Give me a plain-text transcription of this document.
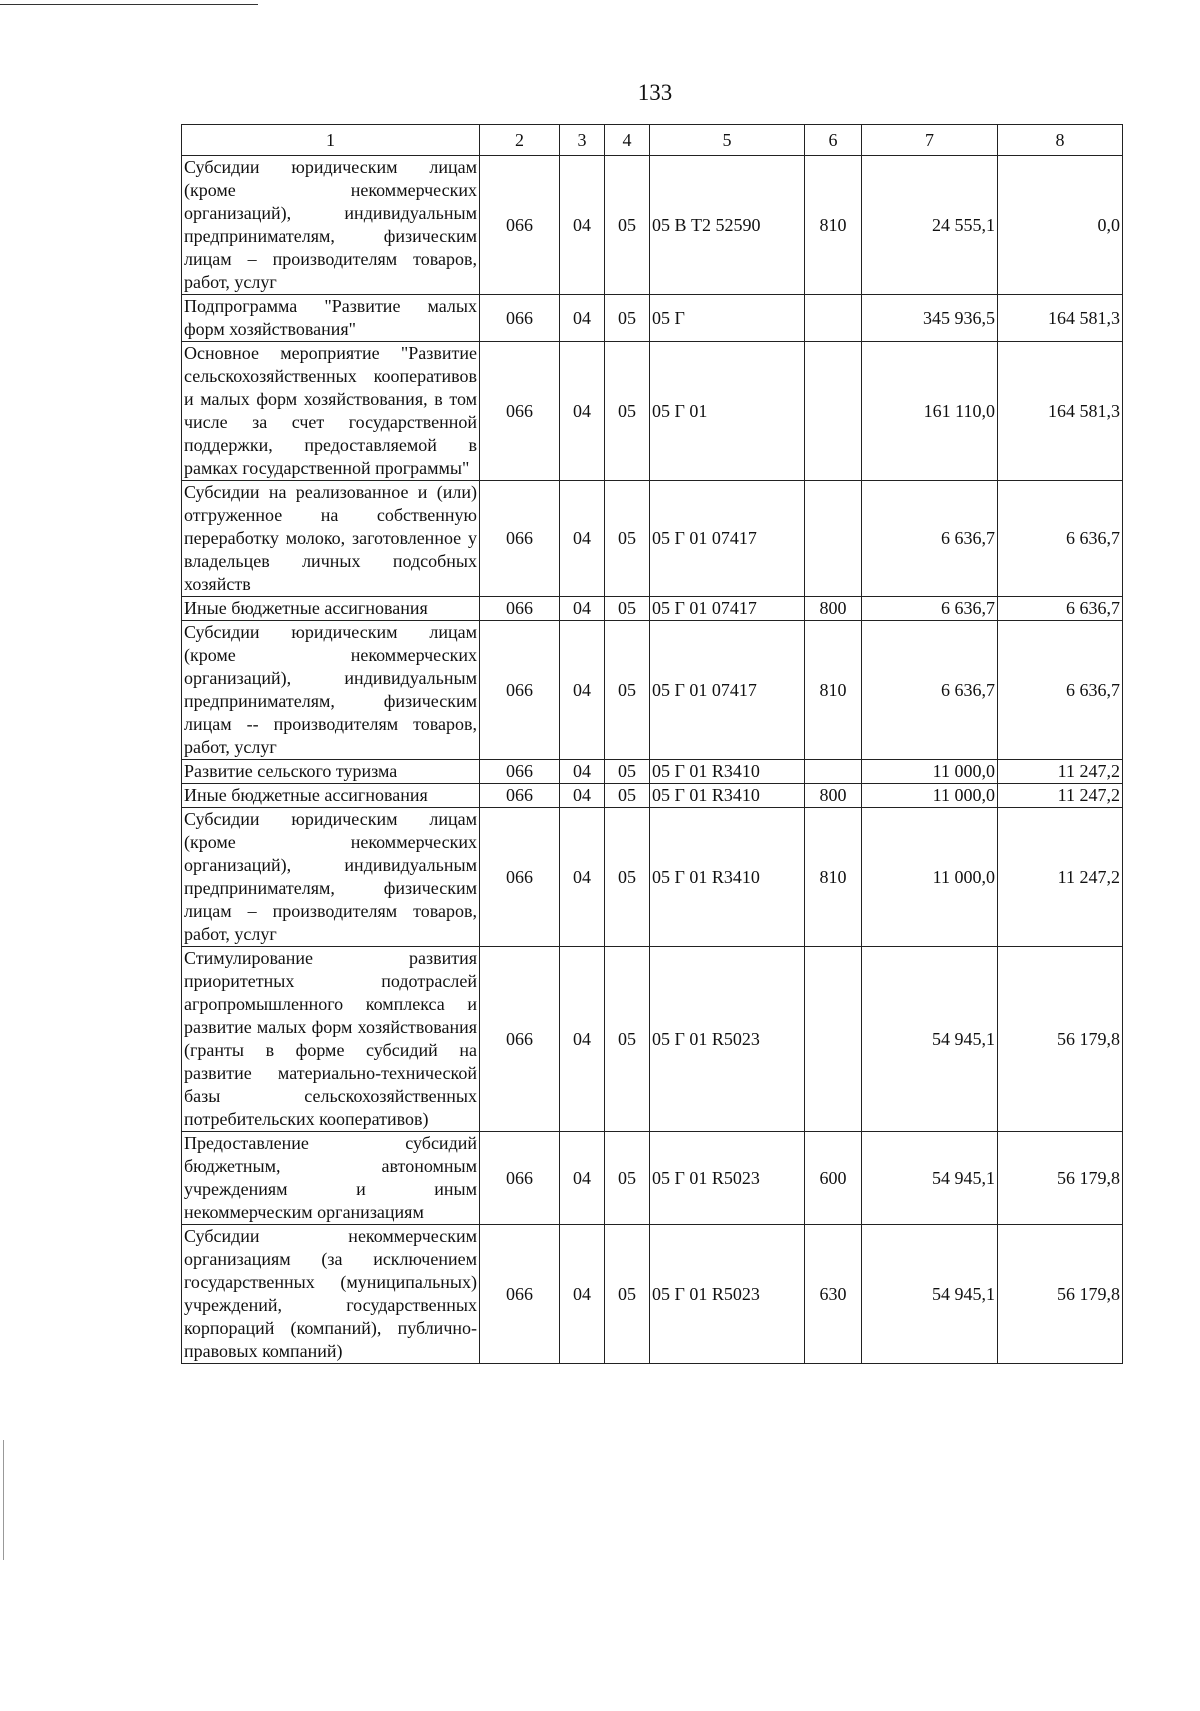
133
1	2	3	4	5	6	7	8
Субсидии юридическим лицам (кроме некоммерческих организаций), индивидуальным предпринимателям, физическим лицам – производителям товаров, работ, услуг	066	04	05	05 В Т2 52590	810	24 555,1	0,0
Подпрограмма "Развитие малых форм хозяйствования"	066	04	05	05 Г		345 936,5	164 581,3
Основное мероприятие "Развитие сельскохозяйственных кооперативов и малых форм хозяйствования, в том числе за счет государственной поддержки, предоставляемой в рамках государственной программы"	066	04	05	05 Г 01		161 110,0	164 581,3
Субсидии на реализованное и (или) отгруженное на собственную переработку молоко, заготовленное у владельцев личных подсобных хозяйств	066	04	05	05 Г 01 07417		6 636,7	6 636,7
Иные бюджетные ассигнования	066	04	05	05 Г 01 07417	800	6 636,7	6 636,7
Субсидии юридическим лицам (кроме некоммерческих организаций), индивидуальным предпринимателям, физическим лицам -- производителям товаров, работ, услуг	066	04	05	05 Г 01 07417	810	6 636,7	6 636,7
Развитие сельского туризма	066	04	05	05 Г 01 R3410		11 000,0	11 247,2
Иные бюджетные ассигнования	066	04	05	05 Г 01 R3410	800	11 000,0	11 247,2
Субсидии юридическим лицам (кроме некоммерческих организаций), индивидуальным предпринимателям, физическим лицам – производителям товаров, работ, услуг	066	04	05	05 Г 01 R3410	810	11 000,0	11 247,2
Стимулирование развития приоритетных подотраслей агропромышленного комплекса и развитие малых форм хозяйствования (гранты в форме субсидий на развитие материально-технической базы сельскохозяйственных потребительских кооперативов)	066	04	05	05 Г 01 R5023		54 945,1	56 179,8
Предоставление субсидий бюджетным, автономным учреждениям и иным некоммерческим организациям	066	04	05	05 Г 01 R5023	600	54 945,1	56 179,8
Субсидии некоммерческим организациям (за исключением государственных (муниципальных) учреждений, государственных корпораций (компаний), публично-правовых компаний)	066	04	05	05 Г 01 R5023	630	54 945,1	56 179,8
